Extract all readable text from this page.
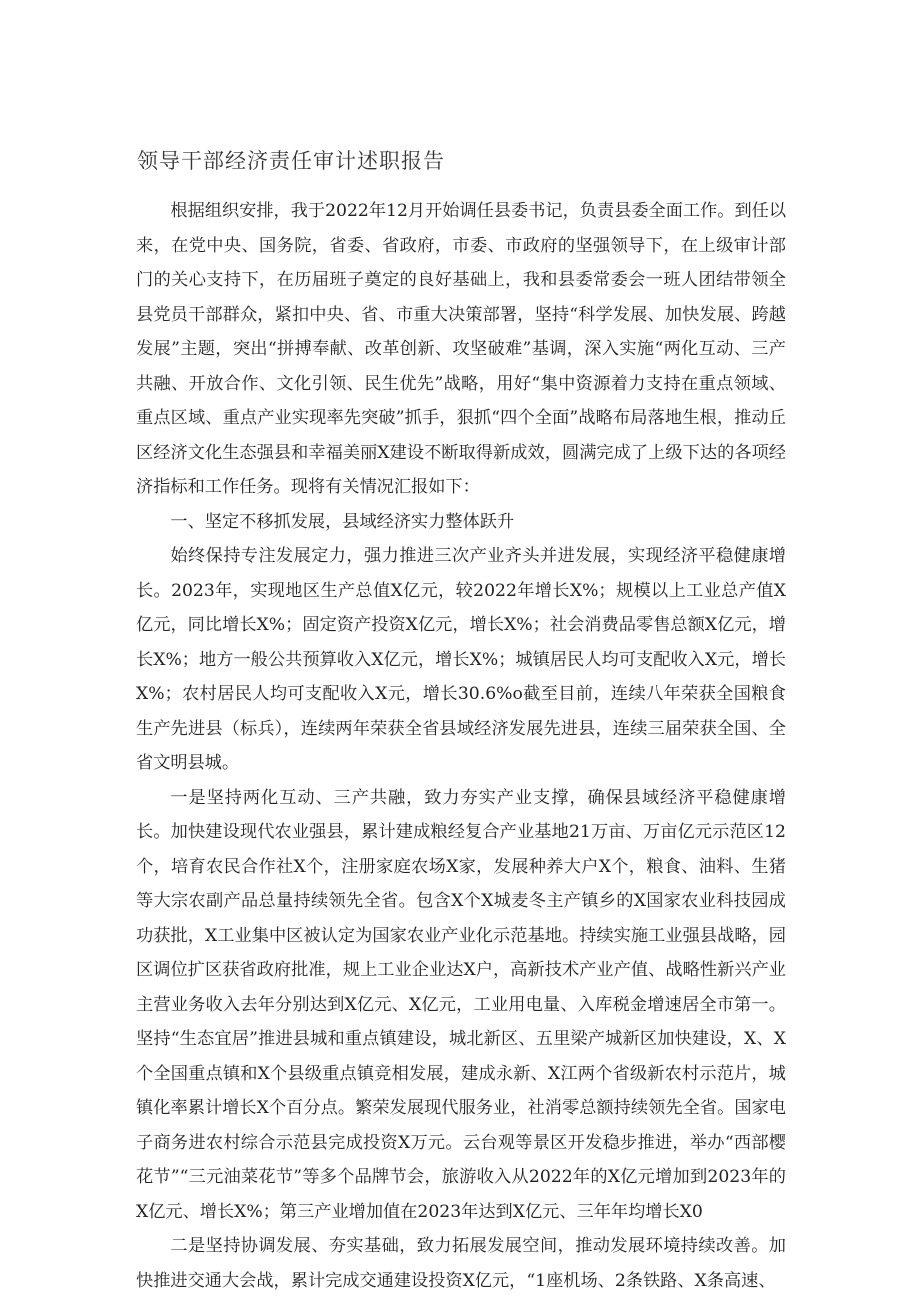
领导干部经济责任审计述职报告

根据组织安排，我于2022年12月开始调任县委书记，负责县委全面工作。到任以来，在党中央、国务院，省委、省政府，市委、市政府的坚强领导下，在上级审计部门的关心支持下，在历届班子奠定的良好基础上，我和县委常委会一班人团结带领全县党员干部群众，紧扣中央、省、市重大决策部署，坚持“科学发展、加快发展、跨越发展”主题，突出“拼搏奉献、改革创新、攻坚破难”基调，深入实施“两化互动、三产共融、开放合作、文化引领、民生优先”战略，用好“集中资源着力支持在重点领域、重点区域、重点产业实现率先突破”抓手，狠抓“四个全面”战略布局落地生根，推动丘区经济文化生态强县和幸福美丽X建设不断取得新成效，圆满完成了上级下达的各项经济指标和工作任务。现将有关情况汇报如下：

一、坚定不移抓发展，县域经济实力整体跃升

始终保持专注发展定力，强力推进三次产业齐头并进发展，实现经济平稳健康增长。2023年，实现地区生产总值X亿元，较2022年增长X%；规模以上工业总产值X亿元，同比增长X%；固定资产投资X亿元，增长X%；社会消费品零售总额X亿元，增长X%；地方一般公共预算收入X亿元，增长X%；城镇居民人均可支配收入X元，增长X%；农村居民人均可支配收入X元，增长30.6%o截至目前，连续八年荣获全国粮食生产先进县（标兵），连续两年荣获全省县域经济发展先进县，连续三届荣获全国、全省文明县城。

一是坚持两化互动、三产共融，致力夯实产业支撑，确保县域经济平稳健康增长。加快建设现代农业强县，累计建成粮经复合产业基地21万亩、万亩亿元示范区12个，培育农民合作社X个，注册家庭农场X家，发展种养大户X个，粮食、油料、生猪等大宗农副产品总量持续领先全省。包含X个X城麦冬主产镇乡的X国家农业科技园成功获批，X工业集中区被认定为国家农业产业化示范基地。持续实施工业强县战略，园区调位扩区获省政府批准，规上工业企业达X户，高新技术产业产值、战略性新兴产业主营业务收入去年分别达到X亿元、X亿元，工业用电量、入库税金增速居全市第一。坚持“生态宜居”推进县城和重点镇建设，城北新区、五里梁产城新区加快建设，X、X个全国重点镇和X个县级重点镇竞相发展，建成永新、X江两个省级新农村示范片，城镇化率累计增长X个百分点。繁荣发展现代服务业，社消零总额持续领先全省。国家电子商务进农村综合示范县完成投资X万元。云台观等景区开发稳步推进，举办“西部樱花节”“三元油菜花节”等多个品牌节会，旅游收入从2022年的X亿元增加到2023年的X亿元、增长X%；第三产业增加值在2023年达到X亿元、三年年均增长X0

二是坚持协调发展、夯实基础，致力拓展发展空间，推动发展环境持续改善。加快推进交通大会战，累计完成交通建设投资X亿元，“1座机场、2条铁路、X条高速、
